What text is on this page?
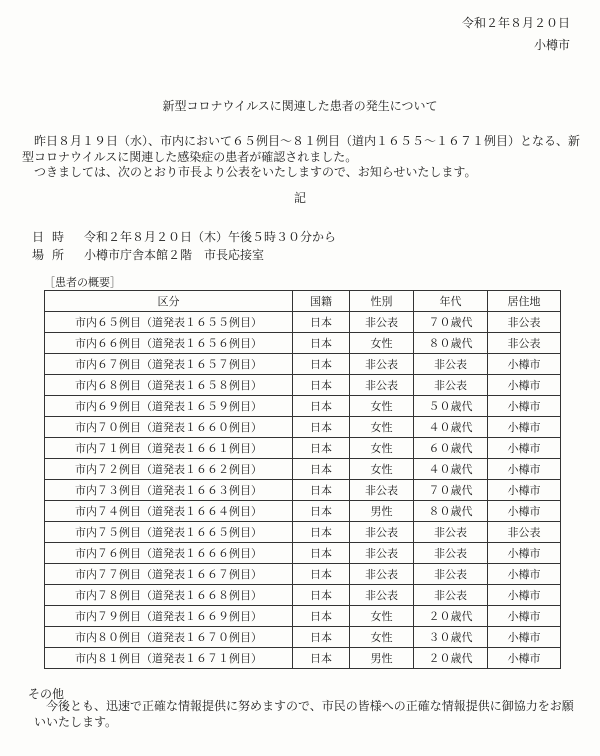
令和２年８月２０日
小樽市
新型コロナウイルスに関連した患者の発生について

昨日８月１９日（水）、市内において６５例目～８１例目（道内１６５５～１６７１例目）となる、新型コロナウイルスに関連した感染症の患者が確認されました。

つきましては、次のとおり市長より公表をいたしますので、お知らせいたします。

記
日時 令和２年８月２０日（木）午後５時３０分から
場所 小樽市庁舎本館２階　市長応接室
［患者の概要］
区分	国籍	性別	年代	居住地
市内６５例目（道発表１６５５例目）	日本	非公表	７０歳代	非公表
市内６６例目（道発表１６５６例目）	日本	女性	８０歳代	非公表
市内６７例目（道発表１６５７例目）	日本	非公表	非公表	小樽市
市内６８例目（道発表１６５８例目）	日本	非公表	非公表	小樽市
市内６９例目（道発表１６５９例目）	日本	女性	５０歳代	小樽市
市内７０例目（道発表１６６０例目）	日本	女性	４０歳代	小樽市
市内７１例目（道発表１６６１例目）	日本	女性	６０歳代	小樽市
市内７２例目（道発表１６６２例目）	日本	女性	４０歳代	小樽市
市内７３例目（道発表１６６３例目）	日本	非公表	７０歳代	小樽市
市内７４例目（道発表１６６４例目）	日本	男性	８０歳代	小樽市
市内７５例目（道発表１６６５例目）	日本	非公表	非公表	非公表
市内７６例目（道発表１６６６例目）	日本	非公表	非公表	小樽市
市内７７例目（道発表１６６７例目）	日本	非公表	非公表	小樽市
市内７８例目（道発表１６６８例目）	日本	非公表	非公表	小樽市
市内７９例目（道発表１６６９例目）	日本	女性	２０歳代	小樽市
市内８０例目（道発表１６７０例目）	日本	女性	３０歳代	小樽市
市内８１例目（道発表１６７１例目）	日本	男性	２０歳代	小樽市
その他

今後とも、迅速で正確な情報提供に努めますので、市民の皆様への正確な情報提供に御協力をお願いいたします。
